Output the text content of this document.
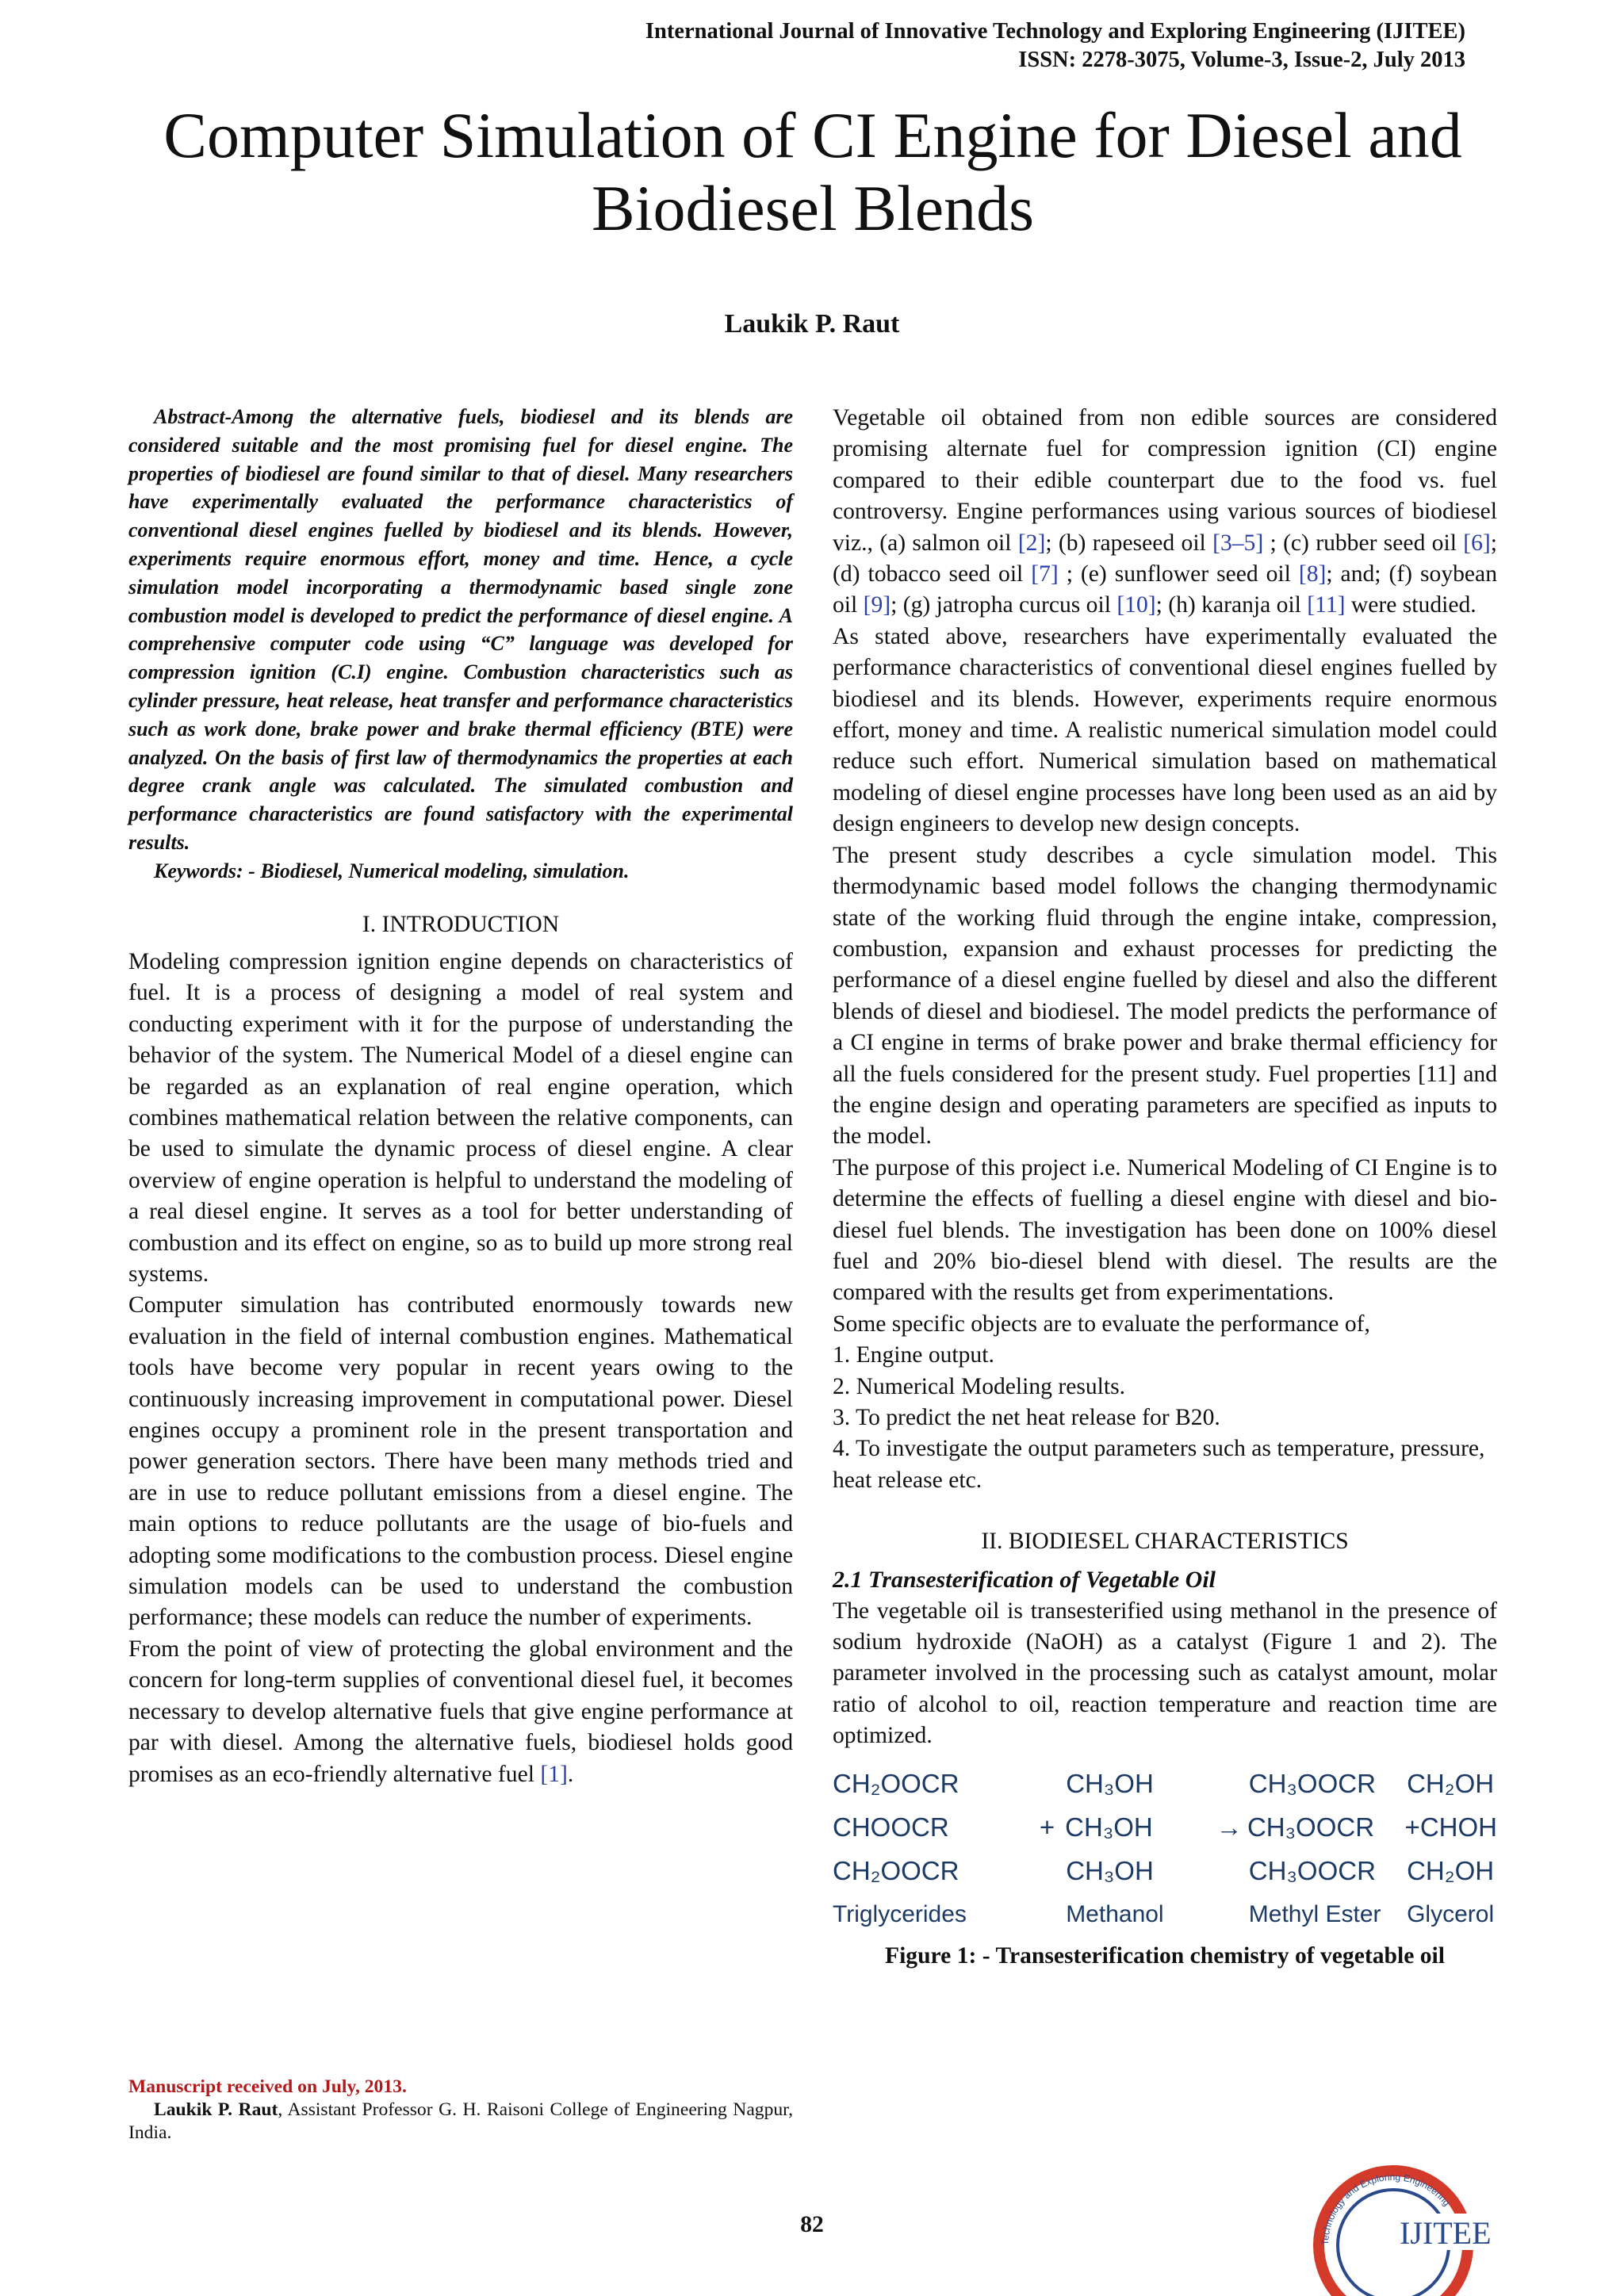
International Journal of Innovative Technology and Exploring Engineering (IJITEE)
ISSN: 2278-3075, Volume-3, Issue-2, July 2013
Computer Simulation of CI Engine for Diesel and Biodiesel Blends
Laukik P. Raut

Abstract-Among the alternative fuels, biodiesel and its blends are considered suitable and the most promising fuel for diesel engine. The properties of biodiesel are found similar to that of diesel. Many researchers have experimentally evaluated the performance characteristics of conventional diesel engines fuelled by biodiesel and its blends. However, experiments require enormous effort, money and time. Hence, a cycle simulation model incorporating a thermodynamic based single zone combustion model is developed to predict the performance of diesel engine. A comprehensive computer code using “C” language was developed for compression ignition (C.I) engine. Combustion characteristics such as cylinder pressure, heat release, heat transfer and performance characteristics such as work done, brake power and brake thermal efficiency (BTE) were analyzed. On the basis of first law of thermodynamics the properties at each degree crank angle was calculated. The simulated combustion and performance characteristics are found satisfactory with the experimental results.

Keywords: - Biodiesel, Numerical modeling, simulation.

I. INTRODUCTION

Modeling compression ignition engine depends on characteristics of fuel. It is a process of designing a model of real system and conducting experiment with it for the purpose of understanding the behavior of the system. The Numerical Model of a diesel engine can be regarded as an explanation of real engine operation, which combines mathematical relation between the relative components, can be used to simulate the dynamic process of diesel engine. A clear overview of engine operation is helpful to understand the modeling of a real diesel engine. It serves as a tool for better understanding of combustion and its effect on engine, so as to build up more strong real systems.

Computer simulation has contributed enormously towards new evaluation in the field of internal combustion engines. Mathematical tools have become very popular in recent years owing to the continuously increasing improvement in computational power. Diesel engines occupy a prominent role in the present transportation and power generation sectors. There have been many methods tried and are in use to reduce pollutant emissions from a diesel engine. The main options to reduce pollutants are the usage of bio-fuels and adopting some modifications to the combustion process. Diesel engine simulation models can be used to understand the combustion performance; these models can reduce the number of experiments.

From the point of view of protecting the global environment and the concern for long-term supplies of conventional diesel fuel, it becomes necessary to develop alternative fuels that give engine performance at par with diesel. Among the alternative fuels, biodiesel holds good promises as an eco-friendly alternative fuel [1].

Vegetable oil obtained from non edible sources are considered promising alternate fuel for compression ignition (CI) engine compared to their edible counterpart due to the food vs. fuel controversy. Engine performances using various sources of biodiesel viz., (a) salmon oil [2]; (b) rapeseed oil [3–5] ; (c) rubber seed oil [6]; (d) tobacco seed oil [7] ; (e) sunflower seed oil [8]; and; (f) soybean oil [9]; (g) jatropha curcus oil [10]; (h) karanja oil [11] were studied.

As stated above, researchers have experimentally evaluated the performance characteristics of conventional diesel engines fuelled by biodiesel and its blends. However, experiments require enormous effort, money and time. A realistic numerical simulation model could reduce such effort. Numerical simulation based on mathematical modeling of diesel engine processes have long been used as an aid by design engineers to develop new design concepts.

The present study describes a cycle simulation model. This thermodynamic based model follows the changing thermodynamic state of the working fluid through the engine intake, compression, combustion, expansion and exhaust processes for predicting the performance of a diesel engine fuelled by diesel and also the different blends of diesel and biodiesel. The model predicts the performance of a CI engine in terms of brake power and brake thermal efficiency for all the fuels considered for the present study. Fuel properties [11] and the engine design and operating parameters are specified as inputs to the model.

The purpose of this project i.e. Numerical Modeling of CI Engine is to determine the effects of fuelling a diesel engine with diesel and bio-diesel fuel blends. The investigation has been done on 100% diesel fuel and 20% bio-diesel blend with diesel. The results are the compared with the results get from experimentations.

Some specific objects are to evaluate the performance of,

1. Engine output.
2. Numerical Modeling results.
3. To predict the net heat release for B20.
4. To investigate the output parameters such as temperature, pressure, heat release etc.
II. BIODIESEL CHARACTERISTICS
2.1 Transesterification of Vegetable Oil

The vegetable oil is transesterified using methanol in the presence of sodium hydroxide (NaOH) as a catalyst (Figure 1 and 2). The parameter involved in the processing such as catalyst amount, molar ratio of alcohol to oil, reaction temperature and reaction time are optimized.

CH₂OOCR	CH₃OH	CH₃OOCR	CH₂OH
CHOOCR	+ CH₃OH	→ CH₃OOCR	+CHOH
CH₂OOCR	CH₃OH	CH₃OOCR	CH₂OH
Triglycerides	Methanol	Methyl Ester	Glycerol
Figure 1: - Transesterification chemistry of vegetable oil

Manuscript received on July, 2013.

Laukik P. Raut, Assistant Professor G. H. Raisoni College of Engineering Nagpur, India.

82
Technology and Exploring Engineering
IJITEE
